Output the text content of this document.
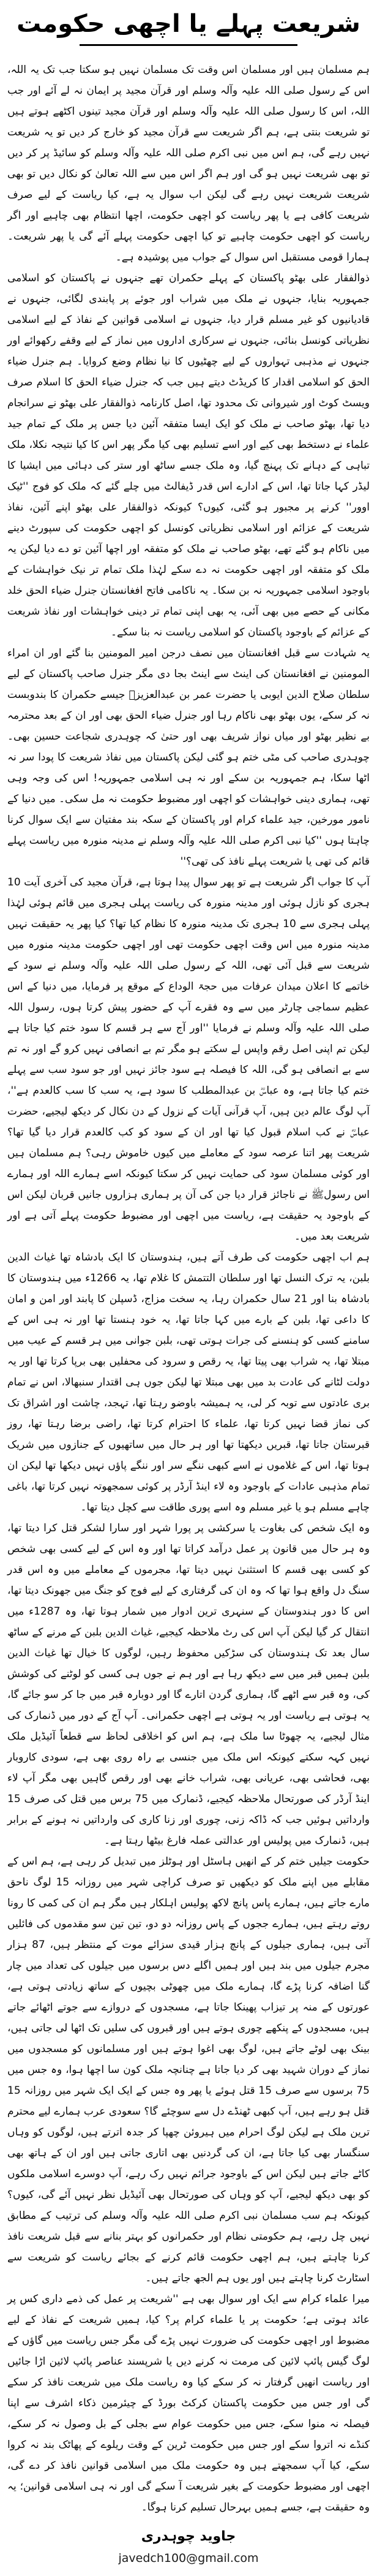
شریعت پہلے یا اچھی حکومت

ہم مسلمان ہیں اور مسلمان اس وقت تک مسلمان نہیں ہو سکتا جب تک یہ اللہ، اس کے رسول صلی اللہ علیہ وآلہ وسلم اور قرآن مجید پر ایمان نہ لے آئے اور جب اللہ، اس کا رسول صلی اللہ علیہ وآلہ وسلم اور قرآن مجید تینوں اکٹھے ہوتے ہیں تو شریعت بنتی ہے، ہم اگر شریعت سے قرآن مجید کو خارج کر دیں تو یہ شریعت نہیں رہے گی، ہم اس میں نبی اکرم صلی اللہ علیہ وآلہ وسلم کو سائیڈ پر کر دیں تو بھی شریعت نہیں ہو گی اور ہم اگر اس میں سے اللہ تعالیٰ کو نکال دیں تو بھی شریعت شریعت نہیں رہے گی لیکن اب سوال یہ ہے، کیا ریاست کے لیے صرف شریعت کافی ہے یا پھر ریاست کو اچھی حکومت، اچھا انتظام بھی چاہیے اور اگر ریاست کو اچھی حکومت چاہیے تو کیا اچھی حکومت پہلے آئے گی یا پھر شریعت۔ ہمارا قومی مستقبل اس سوال کے جواب میں پوشیدہ ہے۔

ذوالفقار علی بھٹو پاکستان کے پہلے حکمران تھے جنہوں نے پاکستان کو اسلامی جمہوریہ بنایا، جنہوں نے ملک میں شراب اور جوئے پر پابندی لگائی، جنہوں نے قادیانیوں کو غیر مسلم قرار دیا، جنہوں نے اسلامی قوانین کے نفاذ کے لیے اسلامی نظریاتی کونسل بنائی، جنہوں نے سرکاری اداروں میں نماز کے لیے وقفے رکھوائے اور جنہوں نے مذہبی تہواروں کے لیے چھٹیوں کا نیا نظام وضع کروایا۔ ہم جنرل ضیاء الحق کو اسلامی اقدار کا کریڈٹ دیتے ہیں جب کہ جنرل ضیاء الحق کا اسلام صرف ویسٹ کوٹ اور شیروانی تک محدود تھا، اصل کارنامہ ذوالفقار علی بھٹو نے سرانجام دیا تھا، بھٹو صاحب نے ملک کو ایک ایسا متفقہ آئین دیا جس پر ملک کے تمام جید علماء نے دستخط بھی کیے اور اسے تسلیم بھی کیا مگر پھر اس کا کیا نتیجہ نکلا، ملک تباہی کے دہانے تک پہنچ گیا، وہ ملک جسے ساٹھ اور ستر کی دہائی میں ایشیا کا لیڈر کہا جاتا تھا، اس کے ادارے اس قدر ڈیفالٹ میں چلے گئے کہ ملک کو فوج ''ٹیک اوور'' کرنے پر مجبور ہو گئی، کیوں؟ کیونکہ ذوالفقار علی بھٹو اپنے آئین، نفاذ شریعت کے عزائم اور اسلامی نظریاتی کونسل کو اچھی حکومت کی سپورٹ دینے میں ناکام ہو گئے تھے، بھٹو صاحب نے ملک کو متفقہ اور اچھا آئین تو دے دیا لیکن یہ ملک کو متفقہ اور اچھی حکومت نہ دے سکے لہٰذا ملک تمام تر نیک خواہشات کے باوجود اسلامی جمہوریہ نہ بن سکا۔ یہ ناکامی فاتح افغانستان جنرل ضیاء الحق خلد مکانی کے حصے میں بھی آئی، یہ بھی اپنی تمام تر دینی خواہشات اور نفاذ شریعت کے عزائم کے باوجود پاکستان کو اسلامی ریاست نہ بنا سکے۔

یہ شہادت سے قبل افغانستان میں نصف درجن امیر المومنین بنا گئے اور ان امراء المومنین نے افغانستان کی اینٹ سے اینٹ بجا دی مگر جنرل صاحب پاکستان کے لیے سلطان صلاح الدین ایوبی یا حضرت عمر بن عبدالعزیزؒ جیسے حکمران کا بندوبست نہ کر سکے، یوں بھٹو بھی ناکام رہا اور جنرل ضیاء الحق بھی اور ان کے بعد محترمہ بے نظیر بھٹو اور میاں نواز شریف بھی اور حتیٰ کہ چوہدری شجاعت حسین بھی۔ چوہدری صاحب کی مٹی ختم ہو گئی لیکن پاکستان میں نفاذ شریعت کا پودا سر نہ اٹھا سکا، ہم جمہوریہ بن سکے اور نہ ہی اسلامی جمہوریہ! اس کی وجہ وہی تھی، ہماری دینی خواہشات کو اچھی اور مضبوط حکومت نہ مل سکی۔ میں دنیا کے نامور مورخین، جید علماء کرام اور پاکستان کے سکہ بند مفتیان سے ایک سوال کرنا چاہتا ہوں ''کیا نبی اکرم صلی اللہ علیہ وآلہ وسلم نے مدینہ منورہ میں ریاست پہلے قائم کی تھی یا شریعت پہلے نافذ کی تھی؟''

آپ کا جواب اگر شریعت ہے تو پھر سوال پیدا ہوتا ہے، قرآن مجید کی آخری آیت 10 ہجری کو نازل ہوئی اور مدینہ منورہ کی ریاست پہلی ہجری میں قائم ہوئی لہٰذا پہلی ہجری سے 10 ہجری تک مدینہ منورہ کا نظام کیا تھا؟ کیا پھر یہ حقیقت نہیں مدینہ منورہ میں اس وقت اچھی حکومت تھی اور اچھی حکومت مدینہ منورہ میں شریعت سے قبل آئی تھی، اللہ کے رسول صلی اللہ علیہ وآلہ وسلم نے سود کے خاتمے کا اعلان میدان عرفات میں حجۃ الوداع کے موقع پر فرمایا، میں دنیا کے اس عظیم سماجی چارٹر میں سے وہ فقرے آپ کے حضور پیش کرتا ہوں، رسول اللہ صلی اللہ علیہ وآلہ وسلم نے فرمایا ''اور آج سے ہر قسم کا سود ختم کیا جاتا ہے لیکن تم اپنی اصل رقم واپس لے سکتے ہو مگر تم بے انصافی نہیں کرو گے اور نہ تم سے بے انصافی ہو گی، اللہ کا فیصلہ ہے سود جائز نہیں اور جو سود سب سے پہلے ختم کیا جاتا ہے، وہ عباسؓ بن عبدالمطلب کا سود ہے، یہ سب کا سب کالعدم ہے''، آپ لوگ عالم دین ہیں، آپ قرآنی آیات کے نزول کے دن نکال کر دیکھ لیجیے، حضرت عباسؓ نے کب اسلام قبول کیا تھا اور ان کے سود کو کب کالعدم قرار دیا گیا تھا؟ شریعت پھر اتنا عرصہ سود کے معاملے میں کیوں خاموش رہی؟ ہم مسلمان ہیں اور کوئی مسلمان سود کی حمایت نہیں کر سکتا کیونکہ اسے ہمارے اللہ اور ہمارے اس رسولﷺ نے ناجائز قرار دیا جن کی آن پر ہماری ہزاروں جانیں قربان لیکن اس کے باوجود یہ حقیقت ہے، ریاست میں اچھی اور مضبوط حکومت پہلے آتی ہے اور شریعت بعد میں۔

ہم اب اچھی حکومت کی طرف آتے ہیں، ہندوستان کا ایک بادشاہ تھا غیاث الدین بلبن، یہ ترک النسل تھا اور سلطان التتمش کا غلام تھا، یہ 1266ء میں ہندوستان کا بادشاہ بنا اور 21 سال حکمران رہا، یہ سخت مزاج، ڈسپلن کا پابند اور امن و امان کا داعی تھا، بلبن کے بارے میں کہا جاتا تھا، یہ خود ہنستا تھا اور نہ ہی اس کے سامنے کسی کو ہنسنے کی جرات ہوتی تھی، بلبن جوانی میں ہر قسم کے عیب میں مبتلا تھا، یہ شراب بھی پیتا تھا، یہ رقص و سرود کی محفلیں بھی برپا کرتا تھا اور یہ دولت لٹانے کی عادت بد میں بھی مبتلا تھا لیکن جوں ہی اقتدار سنبھالا، اس نے تمام بری عادتوں سے توبہ کر لی، یہ ہمیشہ باوضو رہتا تھا، تہجد، چاشت اور اشراق تک کی نماز قضا نہیں کرتا تھا، علماء کا احترام کرتا تھا، راضی برضا رہتا تھا، روز قبرستان جاتا تھا، قبریں دیکھتا تھا اور ہر حال میں ساتھیوں کے جنازوں میں شریک ہوتا تھا، اس کے غلاموں نے اسے کبھی ننگے سر اور ننگے پاؤں نہیں دیکھا تھا لیکن ان تمام مذہبی عادات کے باوجود وہ لاء اینڈ آرڈر پر کوئی سمجھوتہ نہیں کرتا تھا، باغی چاہے مسلم ہو یا غیر مسلم وہ اسے پوری طاقت سے کچل دیتا تھا۔

وہ ایک شخص کی بغاوت یا سرکشی پر پورا شہر اور سارا لشکر قتل کرا دیتا تھا، وہ ہر حال میں قانون پر عمل درآمد کراتا تھا اور وہ اس کے لیے کسی بھی شخص کو کسی بھی قسم کا استثنیٰ نہیں دیتا تھا، مجرموں کے معاملے میں وہ اس قدر سنگ دل واقع ہوا تھا کہ وہ ان کی گرفتاری کے لیے فوج کو جنگ میں جھونک دیتا تھا، اس کا دور ہندوستان کے سنہری ترین ادوار میں شمار ہوتا تھا، وہ 1287ء میں انتقال کر گیا لیکن آپ اس کی رٹ ملاحظہ کیجیے، غیاث الدین بلبن کے مرنے کے ساٹھ سال بعد تک ہندوستان کی سڑکیں محفوظ رہیں، لوگوں کا خیال تھا غیاث الدین بلبن ہمیں قبر میں سے دیکھ رہا ہے اور ہم نے جوں ہی کسی کو لوٹنے کی کوشش کی، وہ قبر سے اٹھے گا، ہماری گردن اتارے گا اور دوبارہ قبر میں جا کر سو جائے گا، یہ ہوتی ہے ریاست اور یہ ہوتی ہے اچھی حکمرانی۔ آپ آج کے دور میں ڈنمارک کی مثال لیجیے، یہ چھوٹا سا ملک ہے، ہم اس کو اخلاقی لحاظ سے قطعاً آئیڈیل ملک نہیں کہہ سکتے کیونکہ اس ملک میں جنسی بے راہ روی بھی ہے، سودی کاروبار بھی، فحاشی بھی، عریانی بھی، شراب خانے بھی اور رقص گاہیں بھی مگر آپ لاء اینڈ آرڈر کی صورتحال ملاحظہ کیجیے، ڈنمارک میں 75 برس میں قتل کی صرف 15 وارداتیں ہوئیں جب کہ ڈاکہ زنی، چوری اور زنا کاری کی وارداتیں نہ ہونے کے برابر ہیں، ڈنمارک میں پولیس اور عدالتی عملہ فارغ بیٹھا رہتا ہے۔

حکومت جیلیں ختم کر کے انھیں ہاسٹل اور ہوٹلز میں تبدیل کر رہی ہے، ہم اس کے مقابلے میں اپنے ملک کو دیکھیں تو صرف کراچی شہر میں روزانہ 15 لوگ ناحق مارے جاتے ہیں، ہمارے پاس پانچ لاکھ پولیس اہلکار ہیں مگر ہم ان کی کمی کا رونا روتے رہتے ہیں، ہمارے ججوں کے پاس روزانہ دو دو، تین تین سو مقدموں کی فائلیں آتی ہیں، ہماری جیلوں کے پانچ ہزار قیدی سزائے موت کے منتظر ہیں، 87 ہزار مجرم جیلوں میں بند ہیں اور ہمیں اگلے دس برسوں میں جیلوں کی تعداد میں چار گنا اضافہ کرنا پڑے گا، ہمارے ملک میں چھوٹی بچیوں کے ساتھ زیادتی ہوتی ہے، عورتوں کے منہ پر تیزاب پھینکا جاتا ہے، مسجدوں کے دروازے سے جوتے اٹھائے جاتے ہیں، مسجدوں کے پنکھے چوری ہوتے ہیں اور قبروں کی سلیں تک اٹھا لی جاتی ہیں، بینک بھی لوٹے جاتے ہیں، لوگ بھی اغوا ہوتے ہیں اور مسلمانوں کو مسجدوں میں نماز کے دوران شہید بھی کر دیا جاتا ہے چنانچہ ملک کون سا اچھا ہوا، وہ جس میں 75 برسوں سے صرف 15 قتل ہوئے یا پھر وہ جس کے ایک ایک شہر میں روزانہ 15 قتل ہو رہے ہیں، آپ کبھی ٹھنڈے دل سے سوچئے گا؟ سعودی عرب ہمارے لیے محترم ترین ملک ہے لیکن لوگ احرام میں ہیروئن چھپا کر جدہ اترتے ہیں، لوگوں کو وہاں سنگسار بھی کیا جاتا ہے، ان کی گردنیں بھی اتاری جاتی ہیں اور ان کے ہاتھ بھی کاٹے جاتے ہیں لیکن اس کے باوجود جرائم نہیں رک رہے، آپ دوسرے اسلامی ملکوں کو بھی دیکھ لیجیے، آپ کو وہاں کی صورتحال بھی آئیڈیل نظر نہیں آئے گی، کیوں؟ کیونکہ ہم سب مسلمان نبی اکرم صلی اللہ علیہ وآلہ وسلم کی ترتیب کے مطابق نہیں چل رہے، ہم حکومتی نظام اور حکمرانوں کو بہتر بنانے سے قبل شریعت نافذ کرنا چاہتے ہیں، ہم اچھی حکومت قائم کرنے کے بجائے ریاست کو شریعت سے اسٹارٹ کرنا چاہتے ہیں اور یوں ہم الجھ جاتے ہیں۔

میرا علماء کرام سے ایک اور سوال بھی ہے ''شریعت پر عمل کی ذمے داری کس پر عائد ہوتی ہے؛ حکومت پر یا علماء کرام پر؟ کیا، ہمیں شریعت کے نفاذ کے لیے مضبوط اور اچھی حکومت کی ضرورت نہیں پڑے گی مگر جس ریاست میں گاؤں کے لوگ گیس پائپ لائین کی مرمت نہ کرنے دیں یا شرپسند عناصر پائپ لائین اڑا جائیں اور ریاست انھیں گرفتار نہ کر سکے کیا وہ ریاست ملک میں شریعت نافذ کر سکے گی اور جس میں حکومت پاکستان کرکٹ بورڈ کے چیئرمین ذکاء اشرف سے اپنا فیصلہ نہ منوا سکے، جس میں حکومت عوام سے بجلی کے بل وصول نہ کر سکے، کنڈے نہ اتروا سکے اور جس میں حکومت ٹرین کے وقت ریلوے کے پھاٹک بند نہ کروا سکے، کیا آپ سمجھتے ہیں وہ حکومت ملک میں اسلامی قوانین نافذ کر دے گی، اچھی اور مضبوط حکومت کے بغیر شریعت آ سکے گی اور نہ ہی اسلامی قوانین؛ یہ وہ حقیقت ہے، جسے ہمیں بہرحال تسلیم کرنا ہوگا۔

جاوید چوہدری
javedch100@gmail.com
